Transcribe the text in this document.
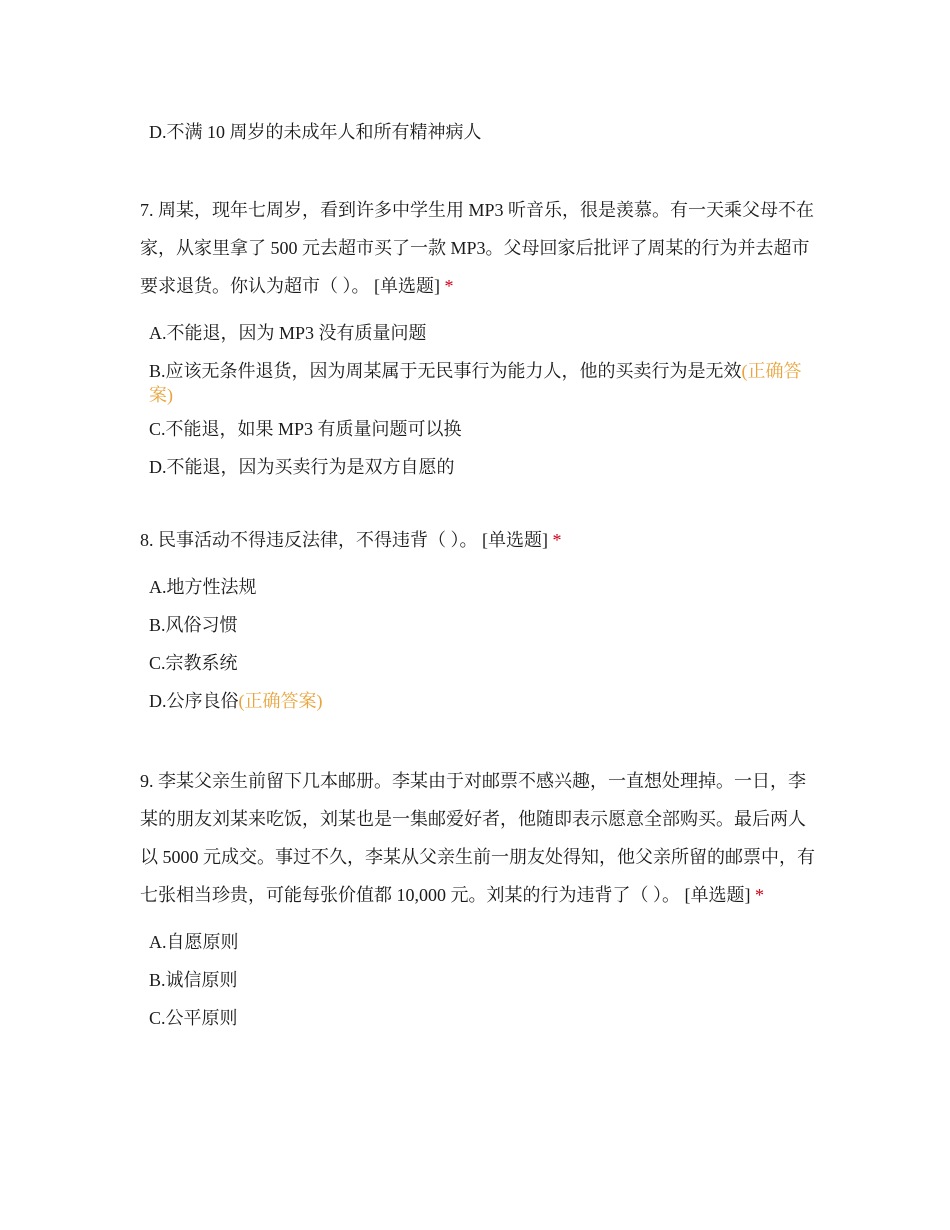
D.不满 10 周岁的未成年人和所有精神病人

7. 周某，现年七周岁，看到许多中学生用 MP3 听音乐，很是羡慕。有一天乘父母不在家，从家里拿了 500 元去超市买了一款 MP3。父母回家后批评了周某的行为并去超市要求退货。你认为超市（ ）。 [单选题] *

A.不能退，因为 MP3 没有质量问题
B.应该无条件退货，因为周某属于无民事行为能力人，他的买卖行为是无效(正确答案)
C.不能退，如果 MP3 有质量问题可以换
D.不能退，因为买卖行为是双方自愿的

8. 民事活动不得违反法律，不得违背（ ）。 [单选题] *

A.地方性法规
B.风俗习惯
C.宗教系统
D.公序良俗(正确答案)

9. 李某父亲生前留下几本邮册。李某由于对邮票不感兴趣，一直想处理掉。一日，李某的朋友刘某来吃饭，刘某也是一集邮爱好者，他随即表示愿意全部购买。最后两人以 5000 元成交。事过不久，李某从父亲生前一朋友处得知，他父亲所留的邮票中，有七张相当珍贵，可能每张价值都 10,000 元。刘某的行为违背了（ ）。 [单选题] *

A.自愿原则
B.诚信原则
C.公平原则
